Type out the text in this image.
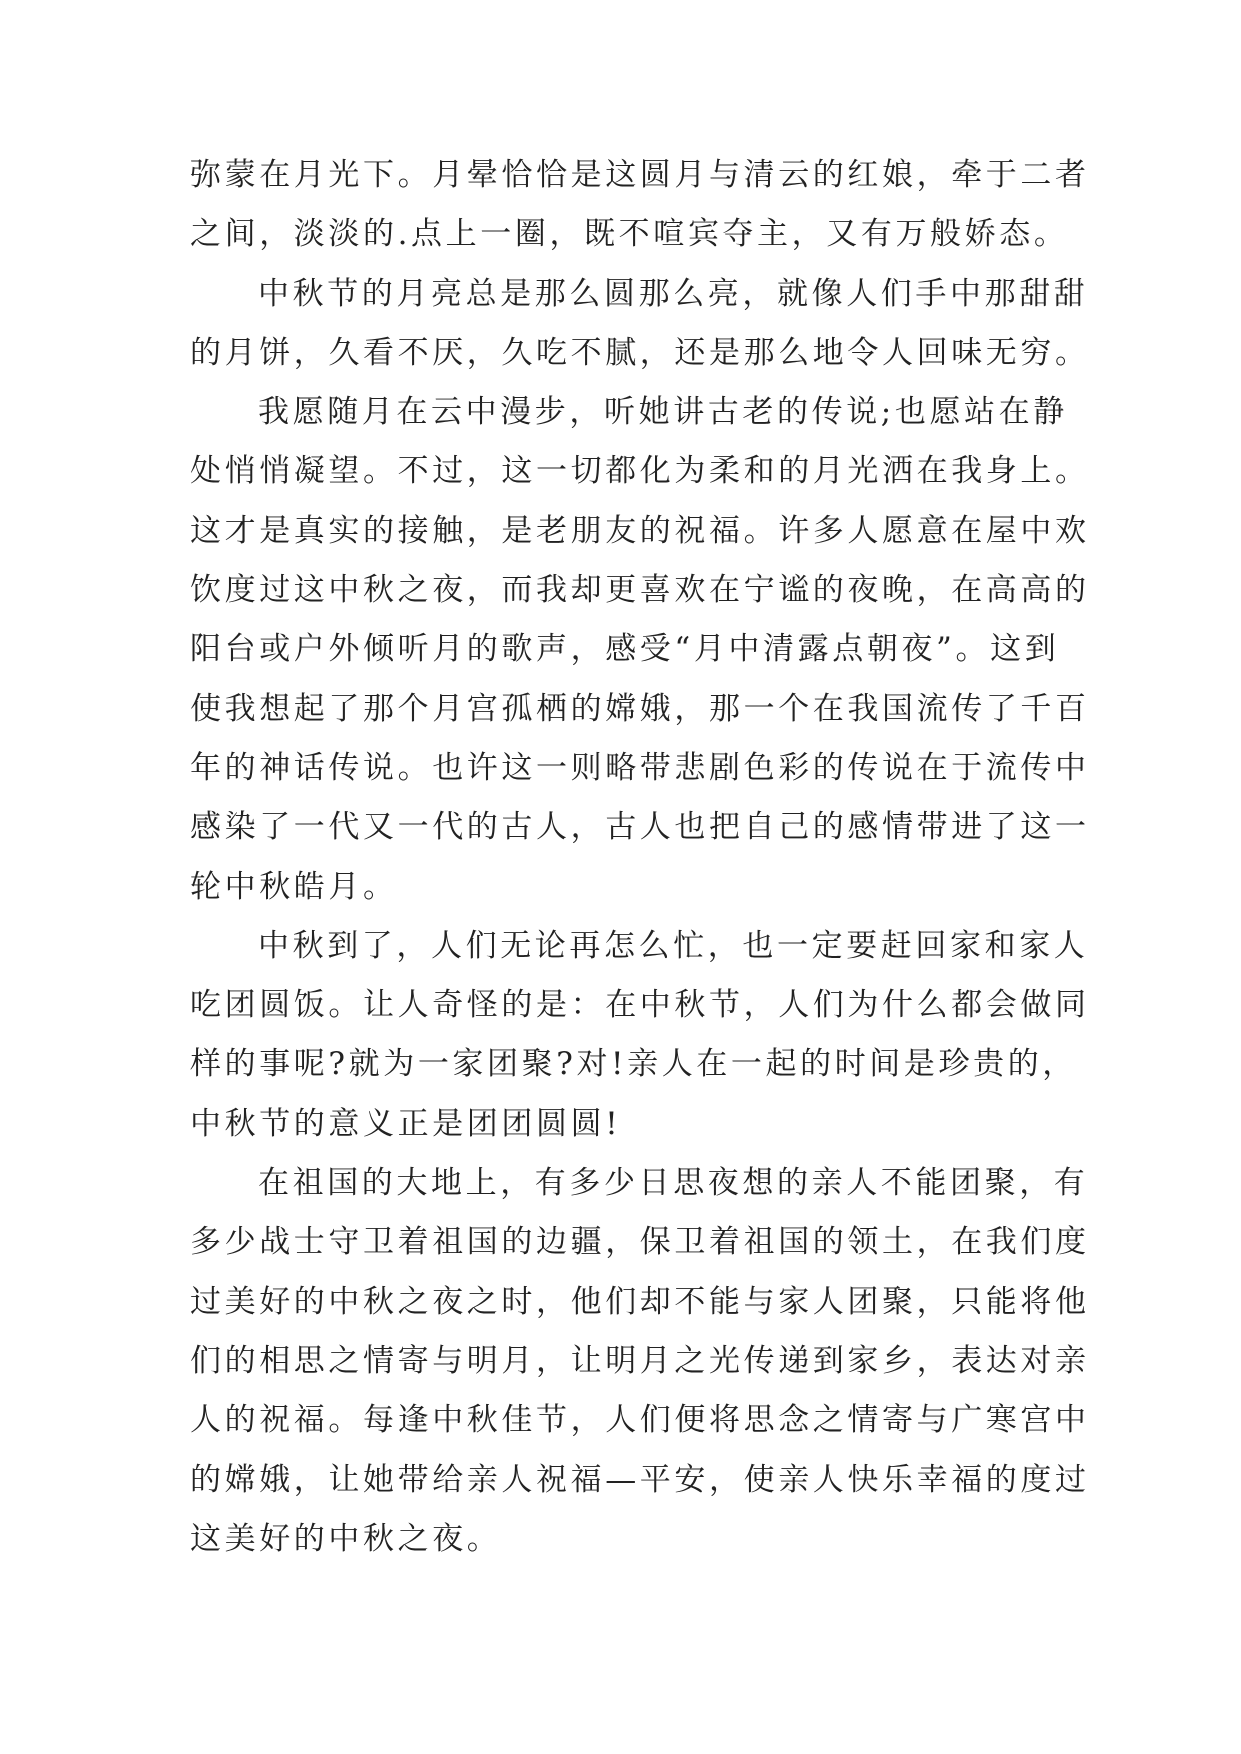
弥蒙在月光下。月晕恰恰是这圆月与清云的红娘，牵于二者
之间，淡淡的.点上一圈，既不喧宾夺主，又有万般娇态。
中秋节的月亮总是那么圆那么亮，就像人们手中那甜甜
的月饼，久看不厌，久吃不腻，还是那么地令人回味无穷。
我愿随月在云中漫步，听她讲古老的传说;也愿站在静
处悄悄凝望。不过，这一切都化为柔和的月光洒在我身上。
这才是真实的接触，是老朋友的祝福。许多人愿意在屋中欢
饮度过这中秋之夜，而我却更喜欢在宁谧的夜晚，在高高的
阳台或户外倾听月的歌声，感受“月中清露点朝夜”。这到
使我想起了那个月宫孤栖的嫦娥，那一个在我国流传了千百
年的神话传说。也许这一则略带悲剧色彩的传说在于流传中
感染了一代又一代的古人，古人也把自己的感情带进了这一
轮中秋皓月。
中秋到了，人们无论再怎么忙，也一定要赶回家和家人
吃团圆饭。让人奇怪的是：在中秋节，人们为什么都会做同
样的事呢?就为一家团聚?对!亲人在一起的时间是珍贵的，
中秋节的意义正是团团圆圆!
在祖国的大地上，有多少日思夜想的亲人不能团聚，有
多少战士守卫着祖国的边疆，保卫着祖国的领土，在我们度
过美好的中秋之夜之时，他们却不能与家人团聚，只能将他
们的相思之情寄与明月，让明月之光传递到家乡，表达对亲
人的祝福。每逢中秋佳节，人们便将思念之情寄与广寒宫中
的嫦娥，让她带给亲人祝福—平安，使亲人快乐幸福的度过
这美好的中秋之夜。
